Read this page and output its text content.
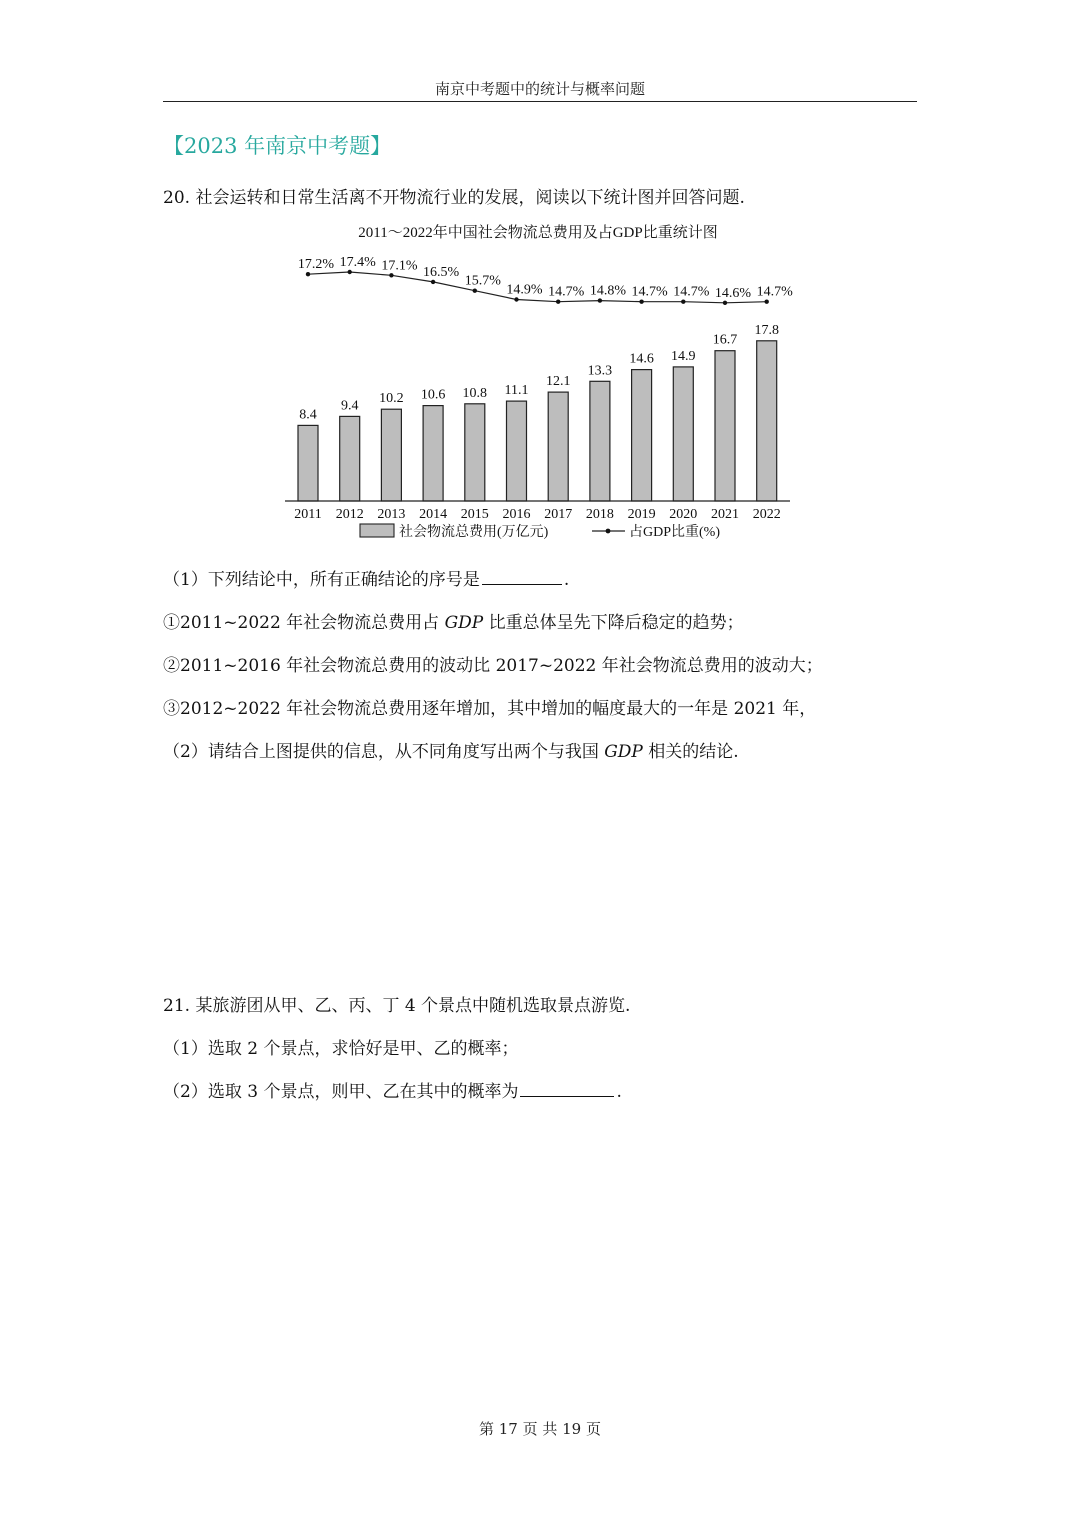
南京中考题中的统计与概率问题
【2023 年南京中考题】
20. 社会运转和日常生活离不开物流行业的发展，阅读以下统计图并回答问题.
2011～2022年中国社会物流总费用及占GDP比重统计图
8.4
9.4 10.2 10.6 10.8 11.1
12.1
13.3
14.6 14.9
16.7
17.8
17.2% 17.4% 17.1% 16.5%
15.7%
14.9% 14.7% 14.8% 14.7% 14.7% 14.6% 14.7%
2011 2012 2013 2014 2015 2016 2017 2018 2019 2020 2021 2022
社会物流总费用(万亿元)	占GDP比重(%)
（1）下列结论中，所有正确结论的序号是	.
①2011~2022 年社会物流总费用占 GDP 比重总体呈先下降后稳定的趋势；
②2011~2016 年社会物流总费用的波动比 2017~2022 年社会物流总费用的波动大；
③2012~2022 年社会物流总费用逐年增加，其中增加的幅度最大的一年是 2021 年，
（2）请结合上图提供的信息，从不同角度写出两个与我国 GDP 相关的结论.
21. 某旅游团从甲、乙、丙、丁 4 个景点中随机选取景点游览.
（1）选取 2 个景点，求恰好是甲、乙的概率；
（2）选取 3 个景点，则甲、乙在其中的概率为	.
第 17 页 共 19 页
